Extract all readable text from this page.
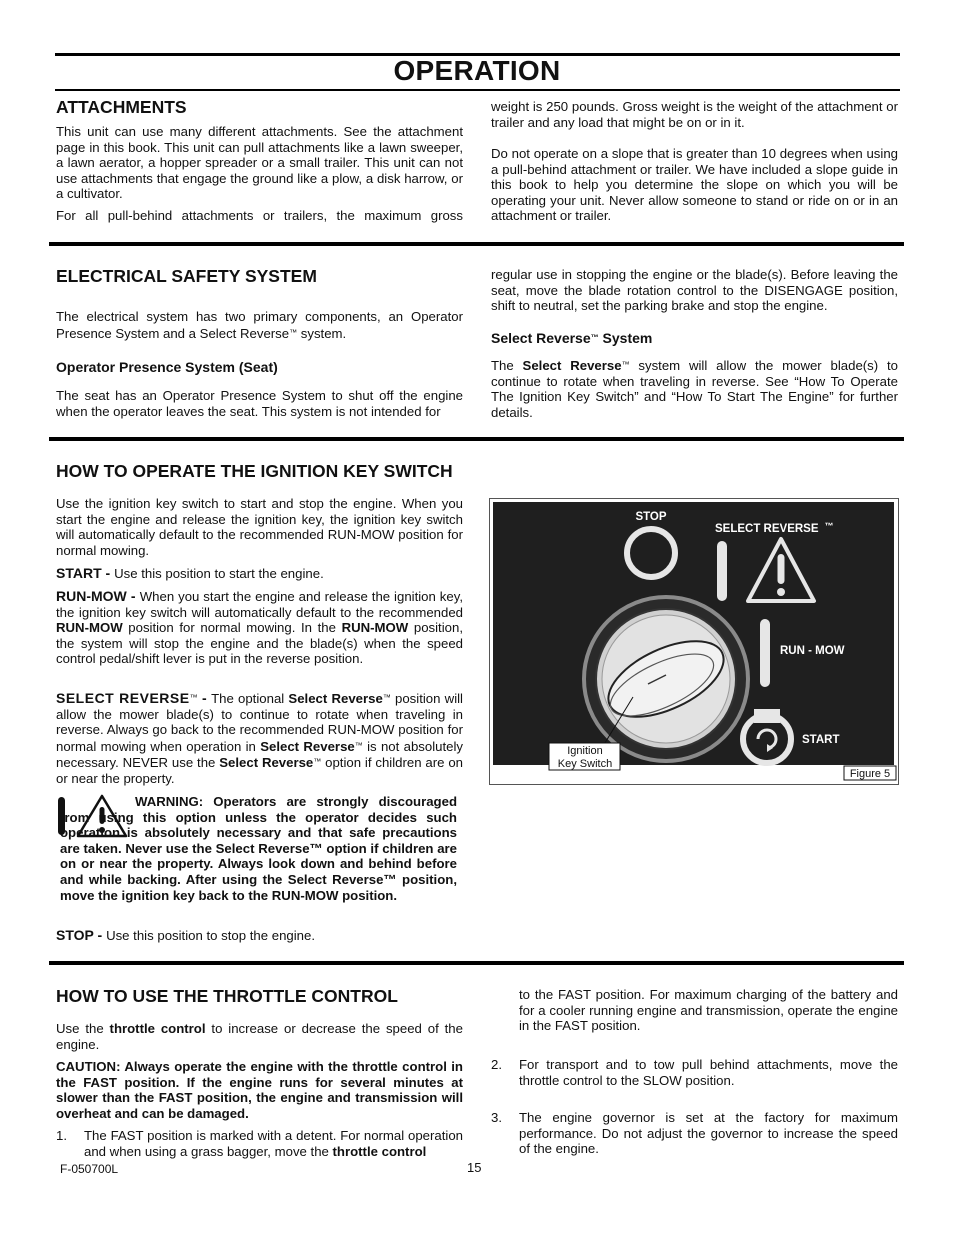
OPERATION
ATTACHMENTS

This unit can use many different attachments. See the attachment page in this book. This unit can pull attachments like a lawn sweeper, a lawn aerator, a hopper spreader or a small trailer. This unit can not use attachments that engage the ground like a plow, a disk harrow, or a cultivator.

For all pull-behind attachments or trailers, the maximum gross

weight is 250 pounds. Gross weight is the weight of the attachment or trailer and any load that might be on or in it.

Do not operate on a slope that is greater than 10 degrees when using a pull-behind attachment or trailer. We have included a slope guide in this book to help you determine the slope on which you will be operating your unit. Never allow someone to stand or ride on or in an attachment or trailer.

ELECTRICAL SAFETY SYSTEM

The electrical system has two primary components, an Operator Presence System and a Select Reverse™ system.

Operator Presence System (Seat)

The seat has an Operator Presence System to shut off the engine when the operator leaves the seat. This system is not intended for

regular use in stopping the engine or the blade(s). Before leaving the seat, move the blade rotation control to the DISENGAGE position, shift to neutral, set the parking brake and stop the engine.

Select Reverse™ System

The Select Reverse™ system will allow the mower blade(s) to continue to rotate when traveling in reverse. See “How To Operate The Ignition Key Switch” and “How To Start The Engine” for further details.

HOW TO OPERATE THE IGNITION KEY SWITCH

Use the ignition key switch to start and stop the engine. When you start the engine and release the ignition key, the ignition key switch will automatically default to the recommended RUN-MOW position for normal mowing.

START - Use this position to start the engine.

RUN-MOW - When you start the engine and release the ignition key, the ignition key switch will automatically default to the recommended RUN-MOW position for normal mowing. In the RUN-MOW position, the system will stop the engine and the blade(s) when the speed control pedal/shift lever is put in the reverse position.

SELECT REVERSE™ - The optional Select Reverse™ position will allow the mower blade(s) to continue to rotate when traveling in reverse. Always go back to the recommended RUN-MOW position for normal mowing when operation in Select Reverse™ is not absolutely necessary. NEVER use the Select Reverse™ option if children are on or near the property.

WARNING: Operators are strongly discouraged from using this option unless the operator decides such operation is absolutely necessary and that safe precautions are taken. Never use the Select Reverse™ option if children are on or near the property. Always look down and behind before and while backing. After using the Select Reverse™ position, move the ignition key back to the RUN-MOW position.

STOP - Use this position to stop the engine.

STOP
SELECT REVERSE ™
RUN - MOW
START
Ignition
Key Switch
Figure 5
HOW TO USE THE THROTTLE CONTROL

Use the throttle control to increase or decrease the speed of the engine.

CAUTION: Always operate the engine with the throttle control in the FAST position. If the engine runs for several minutes at slower than the FAST position, the engine and transmission will overheat and can be damaged.

1. The FAST position is marked with a detent. For normal operation and when using a grass bagger, move the throttle control
to the FAST position. For maximum charging of the battery and for a cooler running engine and transmission, operate the engine in the FAST position.
2. For transport and to tow pull behind attachments, move the throttle control to the SLOW position.
3. The engine governor is set at the factory for maximum performance. Do not adjust the governor to increase the speed of the engine.
F-050700L	15
